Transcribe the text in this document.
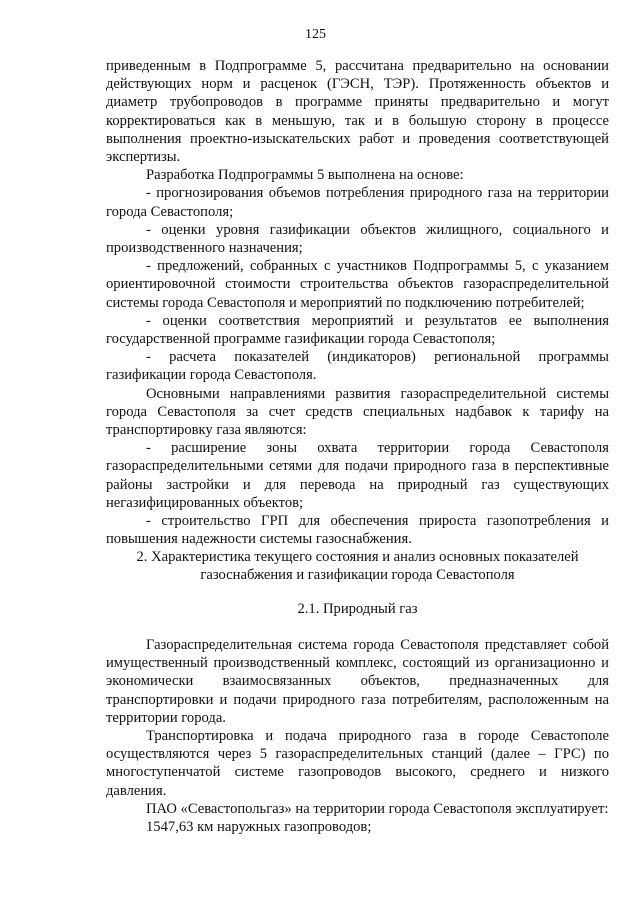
125

приведенным в Подпрограмме 5, рассчитана предварительно на основании действующих норм и расценок (ГЭСН, ТЭР). Протяженность объектов и диаметр трубопроводов в программе приняты предварительно и могут корректироваться как в меньшую, так и в большую сторону в процессе выполнения проектно-изыскательских работ и проведения соответствующей экспертизы.

Разработка Подпрограммы 5 выполнена на основе:

- прогнозирования объемов потребления природного газа на территории города Севастополя;

- оценки уровня газификации объектов жилищного, социального и производственного назначения;

- предложений, собранных с участников Подпрограммы 5, с указанием ориентировочной стоимости строительства объектов газораспределительной системы города Севастополя и мероприятий по подключению потребителей;

- оценки соответствия мероприятий и результатов ее выполнения государственной программе газификации города Севастополя;

- расчета показателей (индикаторов) региональной программы газификации города Севастополя.

Основными направлениями развития газораспределительной системы города Севастополя за счет средств специальных надбавок к тарифу на транспортировку газа являются:

- расширение зоны охвата территории города Севастополя газораспределительными сетями для подачи природного газа в перспективные районы застройки и для перевода на природный газ существующих негазифицированных объектов;

- строительство ГРП для обеспечения прироста газопотребления и повышения надежности системы газоснабжения.

2. Характеристика текущего состояния и анализ основных показателей газоснабжения и газификации города Севастополя

2.1. Природный газ

Газораспределительная система города Севастополя представляет собой имущественный производственный комплекс, состоящий из организационно и экономически взаимосвязанных объектов, предназначенных для транспортировки и подачи природного газа потребителям, расположенным на территории города.

Транспортировка и подача природного газа в городе Севастополе осуществляются через 5 газораспределительных станций (далее – ГРС) по многоступенчатой системе газопроводов высокого, среднего и низкого давления.

ПАО «Севастопольгаз» на территории города Севастополя эксплуатирует:

1547,63 км наружных газопроводов;
